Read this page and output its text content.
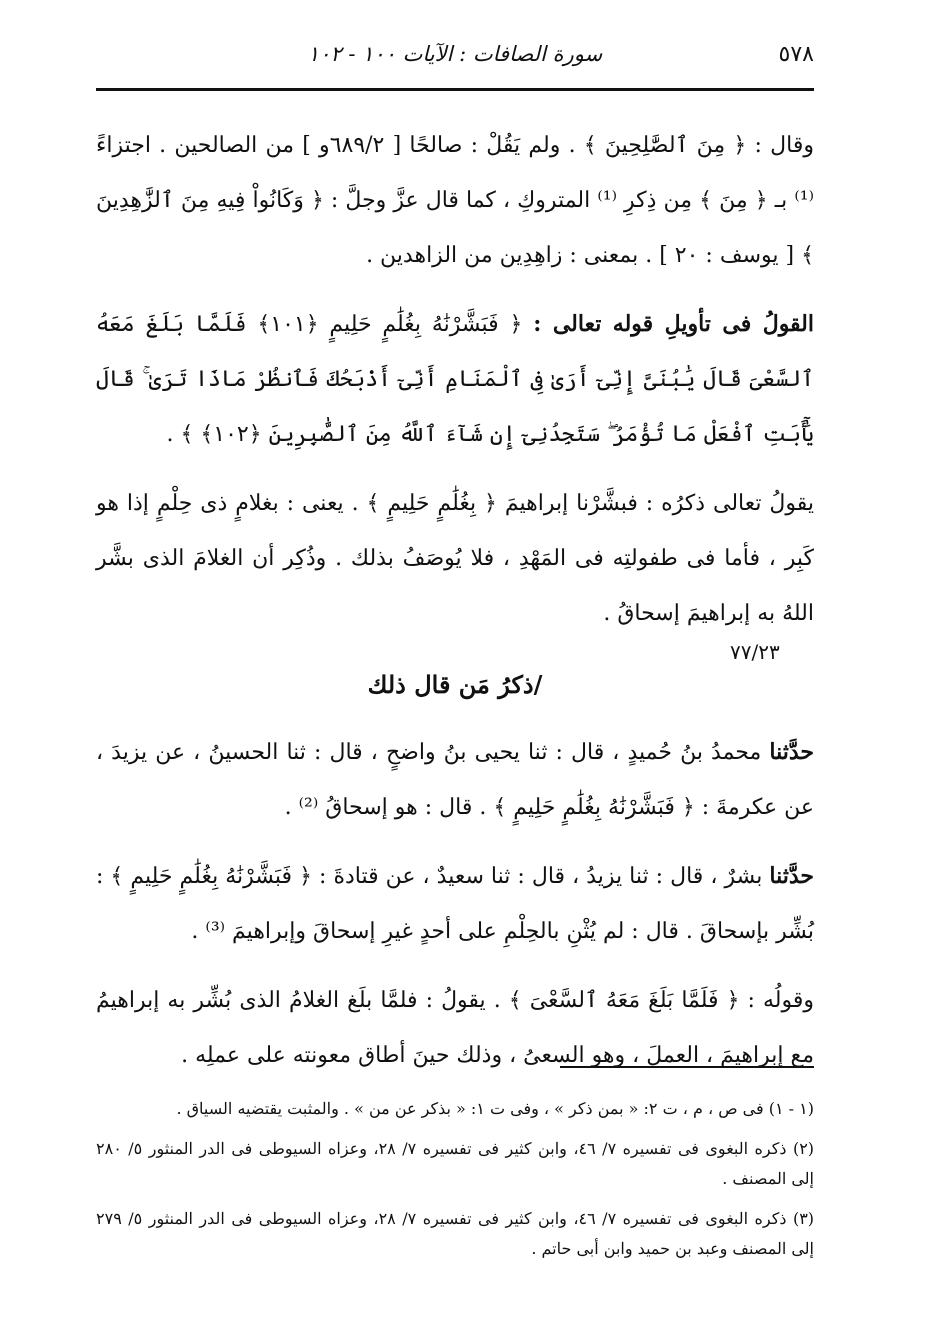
٥٧٨
سورة الصافات : الآيات ١٠٠ - ١٠٢
٧٧/٢٣

وقال : ﴿ مِنَ ٱلصَّٰلِحِينَ ﴾ . ولم يَقُلْ : صالحًا [ ٦٨٩/٢و ] من الصالحين . اجتزاءً ⁽¹⁾ بـ ﴿ مِنَ ﴾ مِن ذِكرِ ⁽¹⁾ المتروكِ ، كما قال عزَّ وجلَّ : ﴿ وَكَانُواْ فِيهِ مِنَ ٱلزَّٰهِدِينَ ﴾ [ يوسف : ٢٠ ] . بمعنى : زاهِدِين من الزاهدين .

القولُ فى تأويلِ قوله تعالى : ﴿ فَبَشَّرْنَٰهُ بِغُلَٰمٍ حَلِيمٍ ﴿١٠١﴾ فَلَمَّا بَلَغَ مَعَهُ ٱلسَّعْىَ قَالَ يَٰبُنَىَّ إِنِّىٓ أَرَىٰ فِى ٱلْمَنَامِ أَنِّىٓ أَذْبَحُكَ فَٱنظُرْ مَاذَا تَرَىٰ ۚ قَالَ يَٰٓأَبَتِ ٱفْعَلْ مَا تُؤْمَرُ ۖ سَتَجِدُنِىٓ إِن شَآءَ ٱللَّهُ مِنَ ٱلصَّٰبِرِينَ ﴿١٠٢﴾ ﴾ .

يقولُ تعالى ذكرُه : فبشَّرْنا إبراهيمَ ﴿ بِغُلَٰمٍ حَلِيمٍ ﴾ . يعنى : بغلامٍ ذى حِلْمٍ إذا هو كَبِر ، فأما فى طفولتِه فى المَهْدِ ، فلا يُوصَفُ بذلك . وذُكِر أن الغلامَ الذى بشَّر اللهُ به إبراهيمَ إسحاقُ .

/ذكرُ مَن قال ذلك

حدَّثنا محمدُ بنُ حُميدٍ ، قال : ثنا يحيى بنُ واضحٍ ، قال : ثنا الحسينُ ، عن يزيدَ ، عن عكرمةَ : ﴿ فَبَشَّرْنَٰهُ بِغُلَٰمٍ حَلِيمٍ ﴾ . قال : هو إسحاقُ ⁽²⁾ .

حدَّثنا بشرٌ ، قال : ثنا يزيدُ ، قال : ثنا سعيدٌ ، عن قتادةَ : ﴿ فَبَشَّرْنَٰهُ بِغُلَٰمٍ حَلِيمٍ ﴾ : بُشِّر بإسحاقَ . قال : لم يُثْنِ بالحِلْمِ على أحدٍ غيرِ إسحاقَ وإبراهيمَ ⁽³⁾ .

وقولُه : ﴿ فَلَمَّا بَلَغَ مَعَهُ ٱلسَّعْىَ ﴾ . يقولُ : فلمَّا بلَغ الغلامُ الذى بُشِّر به إبراهيمُ مع إبراهيمَ ، العملَ ، وهو السعىُ ، وذلك حينَ أطاق معونته على عملِه .

(١ - ١) فى ص ، م ، ت ٢: « بمن ذكر » ، وفى ت ١: « بذكر عن من » . والمثبت يقتضيه السياق .
(٢) ذكره البغوى فى تفسيره ٧/ ٤٦، وابن كثير فى تفسيره ٧/ ٢٨، وعزاه السيوطى فى الدر المنثور ٥/ ٢٨٠ إلى المصنف .
(٣) ذكره البغوى فى تفسيره ٧/ ٤٦، وابن كثير فى تفسيره ٧/ ٢٨، وعزاه السيوطى فى الدر المنثور ٥/ ٢٧٩ إلى المصنف وعبد بن حميد وابن أبى حاتم .
